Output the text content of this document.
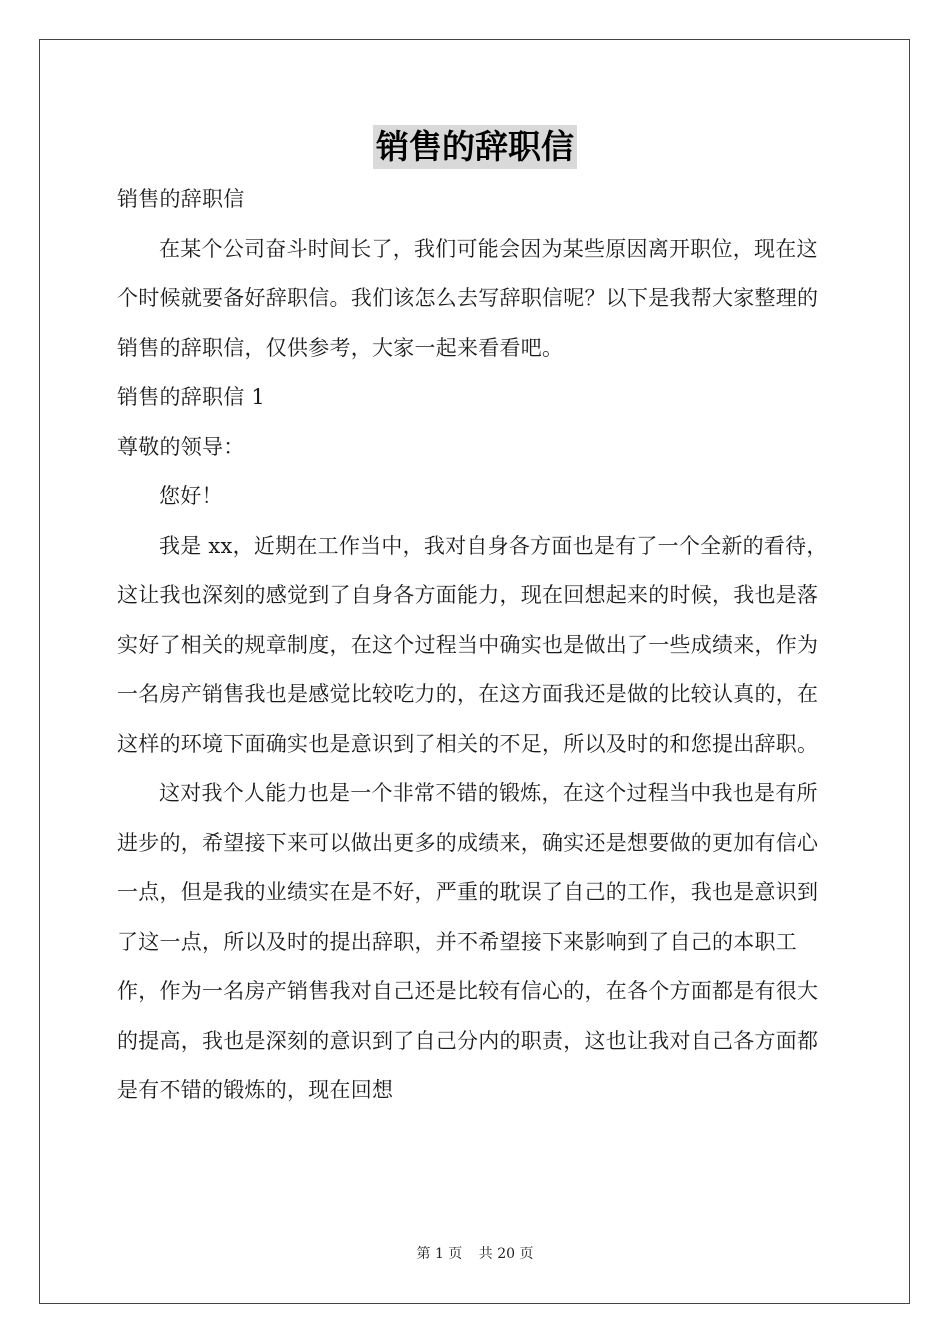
销售的辞职信

销售的辞职信

在某个公司奋斗时间长了，我们可能会因为某些原因离开职位，现在这个时候就要备好辞职信。我们该怎么去写辞职信呢？以下是我帮大家整理的销售的辞职信，仅供参考，大家一起来看看吧。

销售的辞职信 1

尊敬的领导：

您好！

我是 xx，近期在工作当中，我对自身各方面也是有了一个全新的看待，这让我也深刻的感觉到了自身各方面能力，现在回想起来的时候，我也是落实好了相关的规章制度，在这个过程当中确实也是做出了一些成绩来，作为一名房产销售我也是感觉比较吃力的，在这方面我还是做的比较认真的，在这样的环境下面确实也是意识到了相关的不足，所以及时的和您提出辞职。

这对我个人能力也是一个非常不错的锻炼，在这个过程当中我也是有所进步的，希望接下来可以做出更多的成绩来，确实还是想要做的更加有信心一点，但是我的业绩实在是不好，严重的耽误了自己的工作，我也是意识到了这一点，所以及时的提出辞职，并不希望接下来影响到了自己的本职工作，作为一名房产销售我对自己还是比较有信心的，在各个方面都是有很大的提高，我也是深刻的意识到了自己分内的职责，这也让我对自己各方面都是有不错的锻炼的，现在回想

第 1 页 共 20 页
